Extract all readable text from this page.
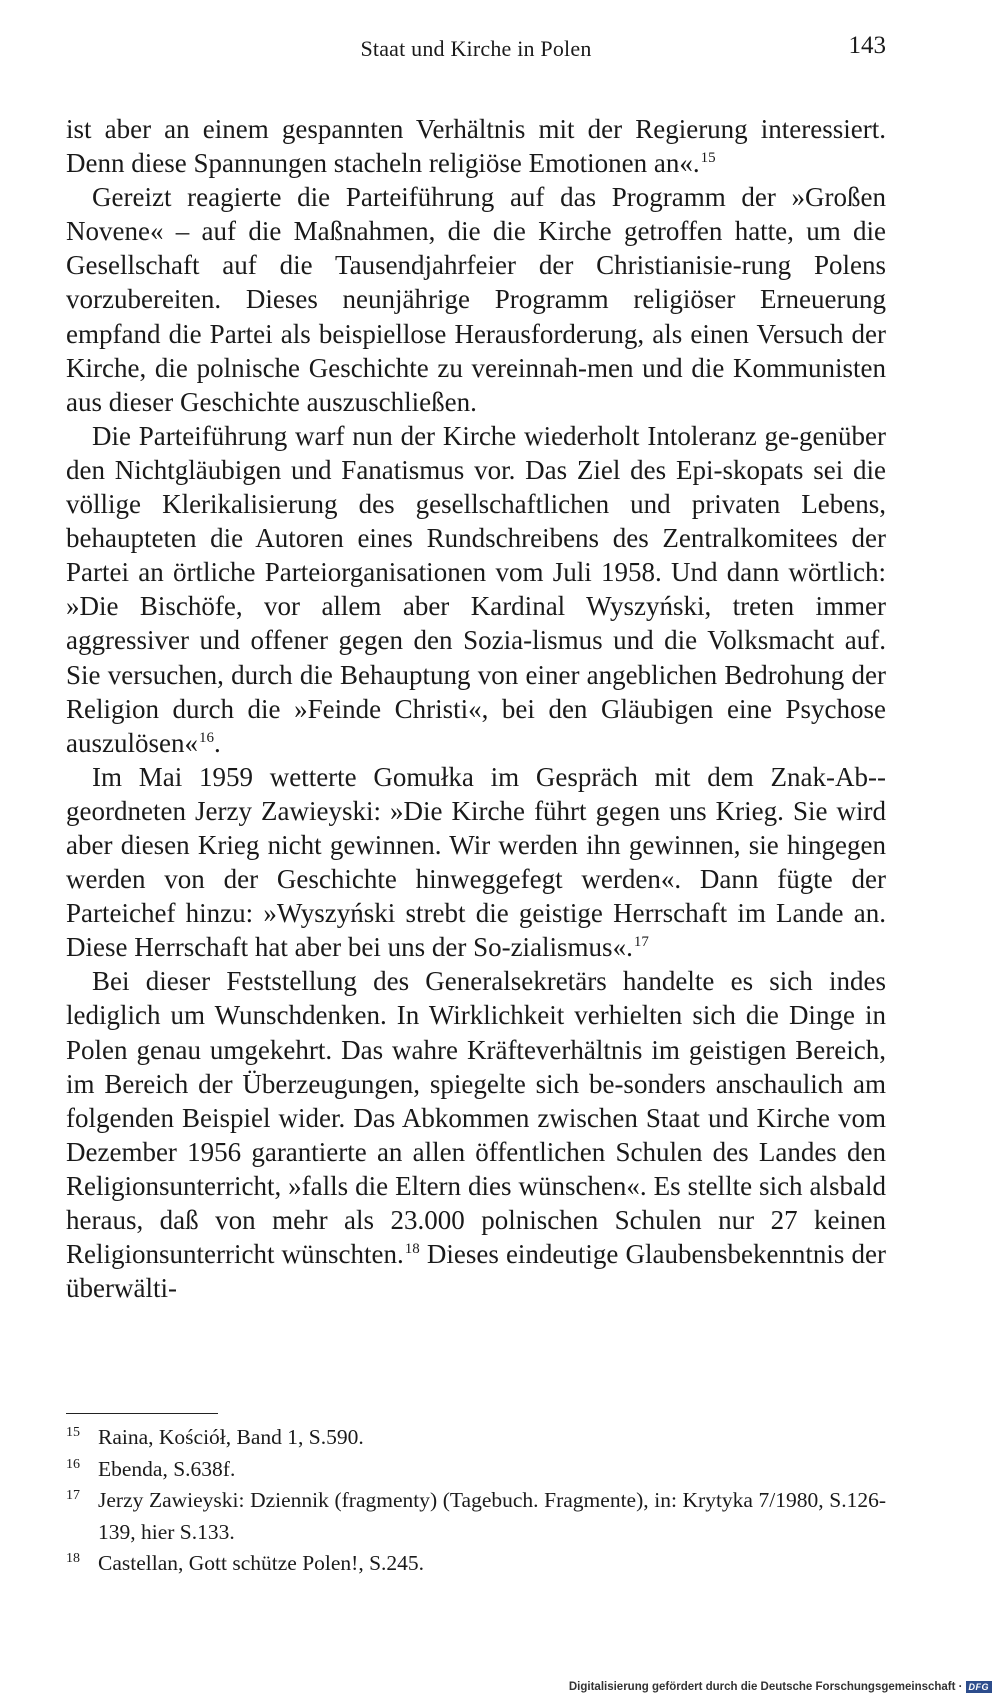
Staat und Kirche in Polen	143

ist aber an einem gespannten Verhältnis mit der Regierung interessiert. Denn diese Spannungen stacheln religiöse Emotionen an«.$^{15}$

Gereizt reagierte die Parteiführung auf das Programm der »Großen Novene« – auf die Maßnahmen, die die Kirche getroffen hatte, um die Gesellschaft auf die Tausendjahrfeier der Christianisie-rung Polens vorzubereiten. Dieses neunjährige Programm religiöser Erneuerung empfand die Partei als beispiellose Herausforderung, als einen Versuch der Kirche, die polnische Geschichte zu vereinnah-men und die Kommunisten aus dieser Geschichte auszuschließen.

Die Parteiführung warf nun der Kirche wiederholt Intoleranz ge-genüber den Nichtgläubigen und Fanatismus vor. Das Ziel des Epi-skopats sei die völlige Klerikalisierung des gesellschaftlichen und privaten Lebens, behaupteten die Autoren eines Rundschreibens des Zentralkomitees der Partei an örtliche Parteiorganisationen vom Juli 1958. Und dann wörtlich: »Die Bischöfe, vor allem aber Kardinal Wyszyński, treten immer aggressiver und offener gegen den Sozia-lismus und die Volksmacht auf. Sie versuchen, durch die Behauptung von einer angeblichen Bedrohung der Religion durch die »Feinde Christi«, bei den Gläubigen eine Psychose auszulösen«$^{16}$.

Im Mai 1959 wetterte Gomułka im Gespräch mit dem Znak-Ab-geordneten Jerzy Zawieyski: »Die Kirche führt gegen uns Krieg. Sie wird aber diesen Krieg nicht gewinnen. Wir werden ihn gewinnen, sie hingegen werden von der Geschichte hinweggefegt werden«. Dann fügte der Parteichef hinzu: »Wyszyński strebt die geistige Herrschaft im Lande an. Diese Herrschaft hat aber bei uns der So-zialismus«.$^{17}$

Bei dieser Feststellung des Generalsekretärs handelte es sich indes lediglich um Wunschdenken. In Wirklichkeit verhielten sich die Dinge in Polen genau umgekehrt. Das wahre Kräfteverhältnis im geistigen Bereich, im Bereich der Überzeugungen, spiegelte sich be-sonders anschaulich am folgenden Beispiel wider. Das Abkommen zwischen Staat und Kirche vom Dezember 1956 garantierte an allen öffentlichen Schulen des Landes den Religionsunterricht, »falls die Eltern dies wünschen«. Es stellte sich alsbald heraus, daß von mehr als 23.000 polnischen Schulen nur 27 keinen Religionsunterricht wünschten.$^{18}$ Dieses eindeutige Glaubensbekenntnis der überwälti-

15 Raina, Kościół, Band 1, S.590.
16 Ebenda, S.638f.
17 Jerzy Zawieyski: Dziennik (fragmenty) (Tagebuch. Fragmente), in: Krytyka 7/1980, S.126-139, hier S.133.
18 Castellan, Gott schütze Polen!, S.245.
Digitalisierung gefördert durch die Deutsche Forschungsgemeinschaft · DFG
